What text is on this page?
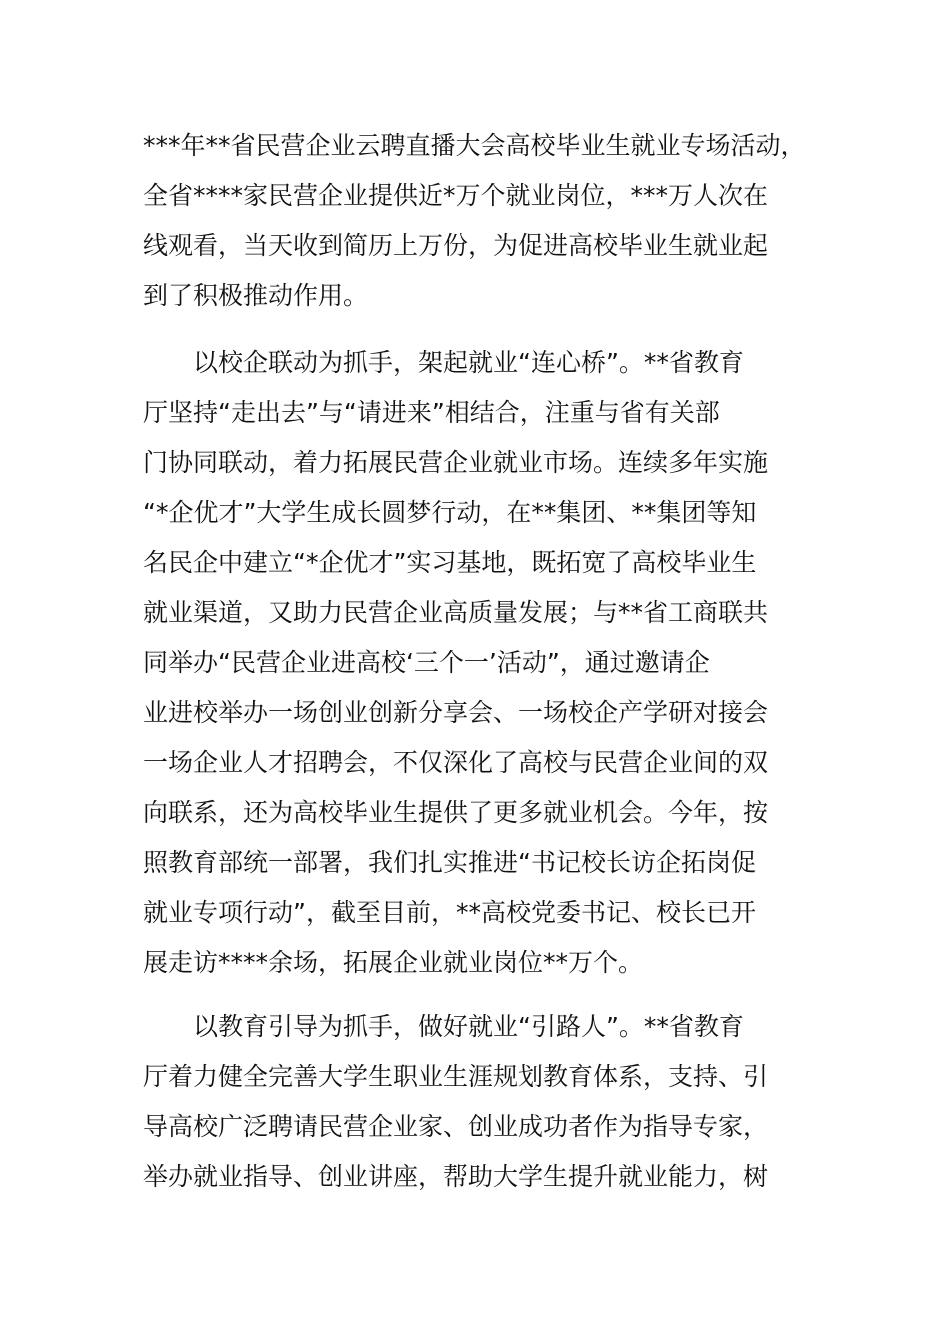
***年**省民营企业云聘直播大会高校毕业生就业专场活动，
全省****家民营企业提供近*万个就业岗位，***万人次在
线观看，当天收到简历上万份，为促进高校毕业生就业起
到了积极推动作用。
　　以校企联动为抓手，架起就业“连心桥”。**省教育
厅坚持“走出去”与“请进来”相结合，注重与省有关部
门协同联动，着力拓展民营企业就业市场。连续多年实施
“*企优才”大学生成长圆梦行动，在**集团、**集团等知
名民企中建立“*企优才”实习基地，既拓宽了高校毕业生
就业渠道，又助力民营企业高质量发展；与**省工商联共
同举办“民营企业进高校‘三个一’活动”，通过邀请企
业进校举办一场创业创新分享会、一场校企产学研对接会
一场企业人才招聘会，不仅深化了高校与民营企业间的双
向联系，还为高校毕业生提供了更多就业机会。今年，按
照教育部统一部署，我们扎实推进“书记校长访企拓岗促
就业专项行动”，截至目前，**高校党委书记、校长已开
展走访****余场，拓展企业就业岗位**万个。
　　以教育引导为抓手，做好就业“引路人”。**省教育
厅着力健全完善大学生职业生涯规划教育体系，支持、引
导高校广泛聘请民营企业家、创业成功者作为指导专家，
举办就业指导、创业讲座，帮助大学生提升就业能力，树
